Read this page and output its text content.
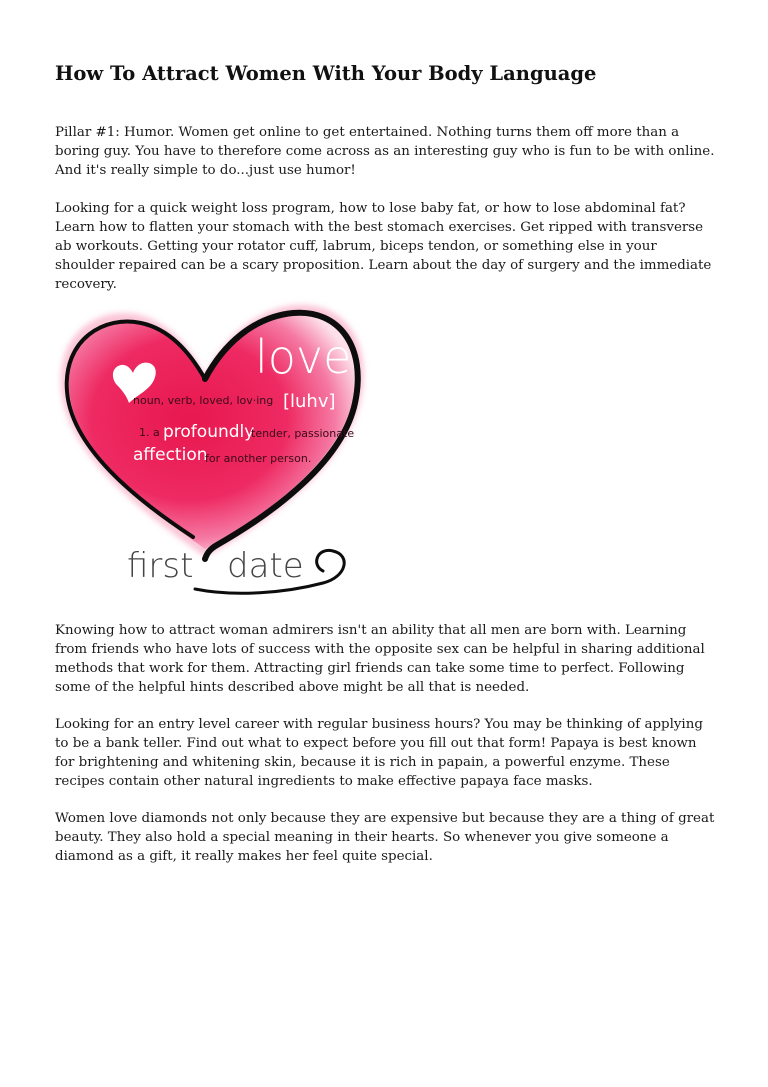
How To Attract Women With Your Body Language

Pillar #1: Humor. Women get online to get entertained. Nothing turns them off more than a boring guy. You have to therefore come across as an interesting guy who is fun to be with online. And it's really simple to do...just use humor!

Looking for a quick weight loss program, how to lose baby fat, or how to lose abdominal fat? Learn how to flatten your stomach with the best stomach exercises. Get ripped with transverse ab workouts. Getting your rotator cuff, labrum, biceps tendon, or something else in your shoulder repaired can be a scary proposition. Learn about the day of surgery and the immediate recovery.

love
noun, verb, loved, lov·ing [luhv]
1. a profoundly
tender, passionate
affection
for another person.
first date

Knowing how to attract woman admirers isn't an ability that all men are born with. Learning from friends who have lots of success with the opposite sex can be helpful in sharing additional methods that work for them. Attracting girl friends can take some time to perfect. Following some of the helpful hints described above might be all that is needed.

Looking for an entry level career with regular business hours? You may be thinking of applying to be a bank teller. Find out what to expect before you fill out that form! Papaya is best known for brightening and whitening skin, because it is rich in papain, a powerful enzyme. These recipes contain other natural ingredients to make effective papaya face masks.

Women love diamonds not only because they are expensive but because they are a thing of great beauty. They also hold a special meaning in their hearts. So whenever you give someone a diamond as a gift, it really makes her feel quite special.
